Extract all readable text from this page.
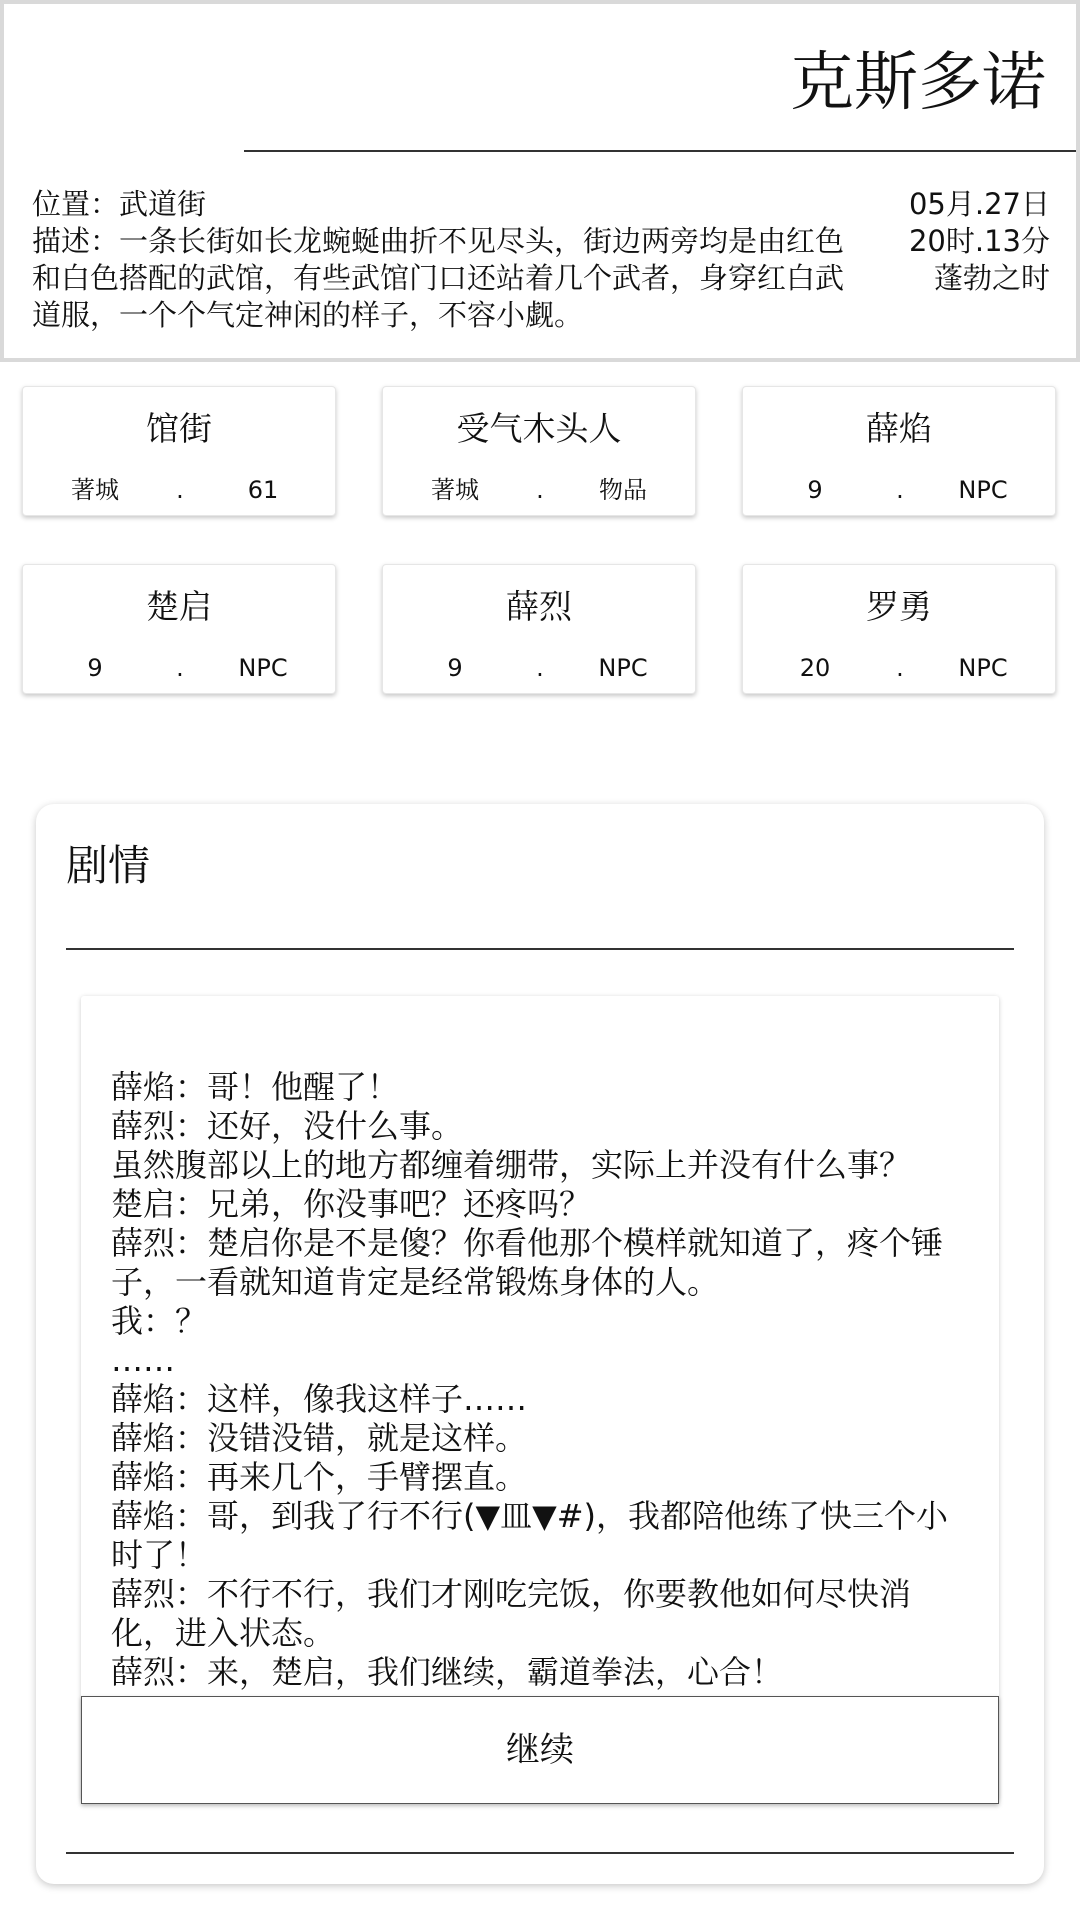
克斯多诺
位置：武道街
描述：一条长街如长龙蜿蜒曲折不见尽头，街边两旁均是由红色和白色搭配的武馆，有些武馆门口还站着几个武者，身穿红白武道服，一个个气定神闲的样子，不容小觑。
05月.27日
20时.13分
蓬勃之时
馆街
著城	.	61
受气木头人
著城	.	物品
薛焰
9	.	NPC
楚启
9	.	NPC
薛烈
9	.	NPC
罗勇
20	.	NPC
剧情
薛焰：哥！他醒了！
薛烈：还好，没什么事。
虽然腹部以上的地方都缠着绷带，实际上并没有什么事？
楚启：兄弟，你没事吧？还疼吗？
薛烈：楚启你是不是傻？你看他那个模样就知道了，疼个锤子，一看就知道肯定是经常锻炼身体的人。
我：？
……
薛焰：这样，像我这样子……
薛焰：没错没错，就是这样。
薛焰：再来几个，手臂摆直。
薛焰：哥，到我了行不行(▼皿▼#)，我都陪他练了快三个小时了！
薛烈：不行不行，我们才刚吃完饭，你要教他如何尽快消化，进入状态。
薛烈：来，楚启，我们继续，霸道拳法，心合！
继续
